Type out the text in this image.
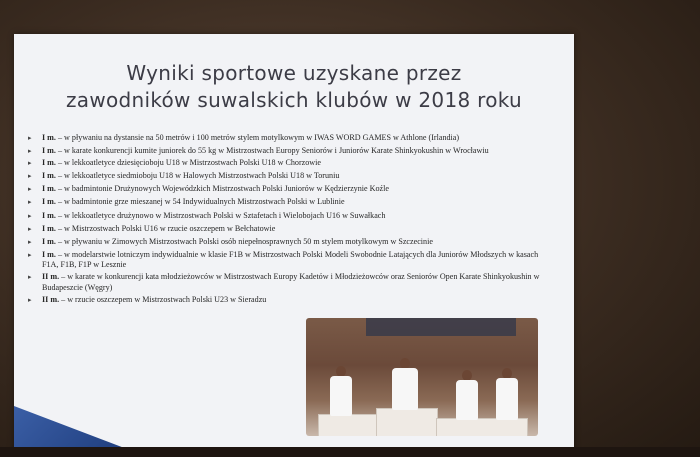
Wyniki sportowe uzyskane przez
zawodników suwalskich klubów w 2018 roku
▸ I m. – w pływaniu na dystansie na 50 metrów i 100 metrów stylem motylkowym w IWAS WORD GAMES w Athlone (Irlandia)
▸ I m. – w karate konkurencji kumite juniorek do 55 kg w Mistrzostwach Europy Seniorów i Juniorów Karate Shinkyokushin w Wrocławiu
▸ I m. – w lekkoatletyce dziesięcioboju U18 w Mistrzostwach Polski U18 w Chorzowie
▸ I m. – w lekkoatletyce siedmioboju U18 w Halowych Mistrzostwach Polski U18 w Toruniu
▸ I m. – w badmintonie Drużynowych Wojewódzkich Mistrzostwach Polski Juniorów w Kędzierzynie Koźle
▸ I m. – w badmintonie grze mieszanej w 54 Indywidualnych Mistrzostwach Polski w Lublinie
▸ I m. – w lekkoatletyce drużynowo w Mistrzostwach Polski w Sztafetach i Wielobojach U16 w Suwałkach
▸ I m. – w Mistrzostwach Polski U16 w rzucie oszczepem w Bełchatowie
▸ I m. – w pływaniu w Zimowych Mistrzostwach Polski osób niepełnosprawnych 50 m stylem motylkowym w Szczecinie
▸ I m. – w modelarstwie lotniczym indywidualnie w klasie F1B w Mistrzostwach Polski Modeli Swobodnie Latających dla Juniorów Młodszych w kasach F1A, F1B, F1P w Lesznie
▸ II m. – w karate w konkurencji kata młodzieżowców w Mistrzostwach Europy Kadetów i Młodzieżowców oraz Seniorów Open Karate Shinkyokushin w Budapeszcie (Węgry)
▸ II m. – w rzucie oszczepem w Mistrzostwach Polski U23 w Sieradzu
